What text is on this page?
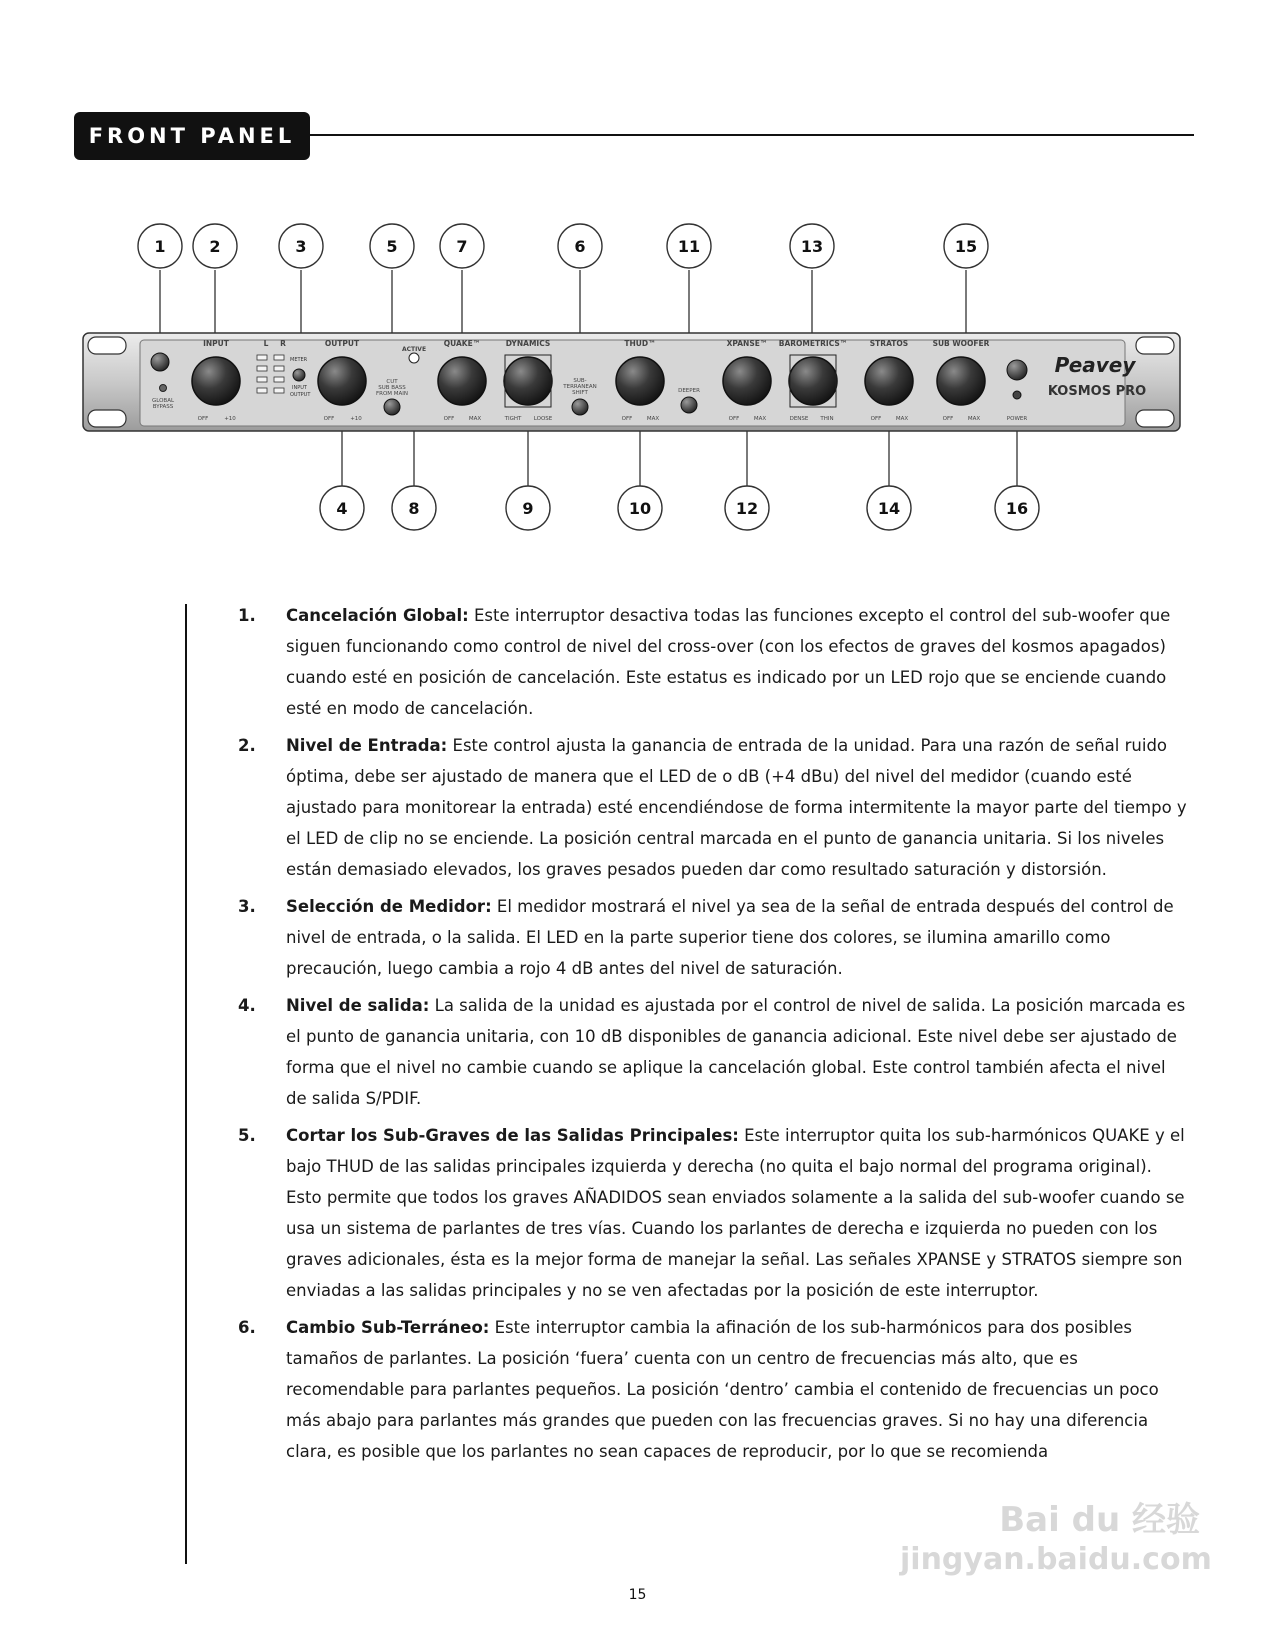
FRONT PANEL
INPUT	L R	OUTPUT
ACTIVE
QUAKE™	DYNAMICS	THUD™	XPANSE™ BAROMETRICS™	STRATOS	SUB WOOFER
GLOBAL
BYPASS
CUT
SUB BASS
FROM MAIN
SUB-
TERRANEAN
SHIFT	DEEPER
POWER
OFF	+10	OFF	+10	OFF	MAX	TIGHT LOOSE	OFF	MAX	OFF	MAX	DENSE THIN	OFF	MAX	OFF	MAX
METER
INPUT
OUTPUT
Peavey
KOSMOS PRO
1	2	3	5	7	6	11	13	15
4	8	9	10	12	14	16
1. Cancelación Global: Este interruptor desactiva todas las funciones excepto el control del sub-woofer que siguen funcionando como control de nivel del cross-over (con los efectos de graves del kosmos apagados) cuando esté en posición de cancelación. Este estatus es indicado por un LED rojo que se enciende cuando esté en modo de cancelación.
2. Nivel de Entrada: Este control ajusta la ganancia de entrada de la unidad. Para una razón de señal ruido óptima, debe ser ajustado de manera que el LED de o dB (+4 dBu) del nivel del medidor (cuando esté ajustado para monitorear la entrada) esté encendiéndose de forma intermitente la mayor parte del tiempo y el LED de clip no se enciende. La posición central marcada en el punto de ganancia unitaria. Si los niveles están demasiado elevados, los graves pesados pueden dar como resultado saturación y distorsión.
3. Selección de Medidor: El medidor mostrará el nivel ya sea de la señal de entrada después del control de nivel de entrada, o la salida. El LED en la parte superior tiene dos colores, se ilumina amarillo como precaución, luego cambia a rojo 4 dB antes del nivel de saturación.
4. Nivel de salida: La salida de la unidad es ajustada por el control de nivel de salida. La posición marcada es el punto de ganancia unitaria, con 10 dB disponibles de ganancia adicional. Este nivel debe ser ajustado de forma que el nivel no cambie cuando se aplique la cancelación global. Este control también afecta el nivel de salida S/PDIF.
5. Cortar los Sub-Graves de las Salidas Principales: Este interruptor quita los sub-harmónicos QUAKE y el bajo THUD de las salidas principales izquierda y derecha (no quita el bajo normal del programa original). Esto permite que todos los graves AÑADIDOS sean enviados solamente a la salida del sub-woofer cuando se usa un sistema de parlantes de tres vías. Cuando los parlantes de derecha e izquierda no pueden con los graves adicionales, ésta es la mejor forma de manejar la señal. Las señales XPANSE y STRATOS siempre son enviadas a las salidas principales y no se ven afectadas por la posición de este interruptor.
6. Cambio Sub-Terráneo: Este interruptor cambia la afinación de los sub-harmónicos para dos posibles tamaños de parlantes. La posición ‘fuera’ cuenta con un centro de frecuencias más alto, que es recomendable para parlantes pequeños. La posición ‘dentro’ cambia el contenido de frecuencias un poco más abajo para parlantes más grandes que pueden con las frecuencias graves. Si no hay una diferencia clara, es posible que los parlantes no sean capaces de reproducir, por lo que se recomienda
15
Bai du 经验
jingyan.baidu.com
